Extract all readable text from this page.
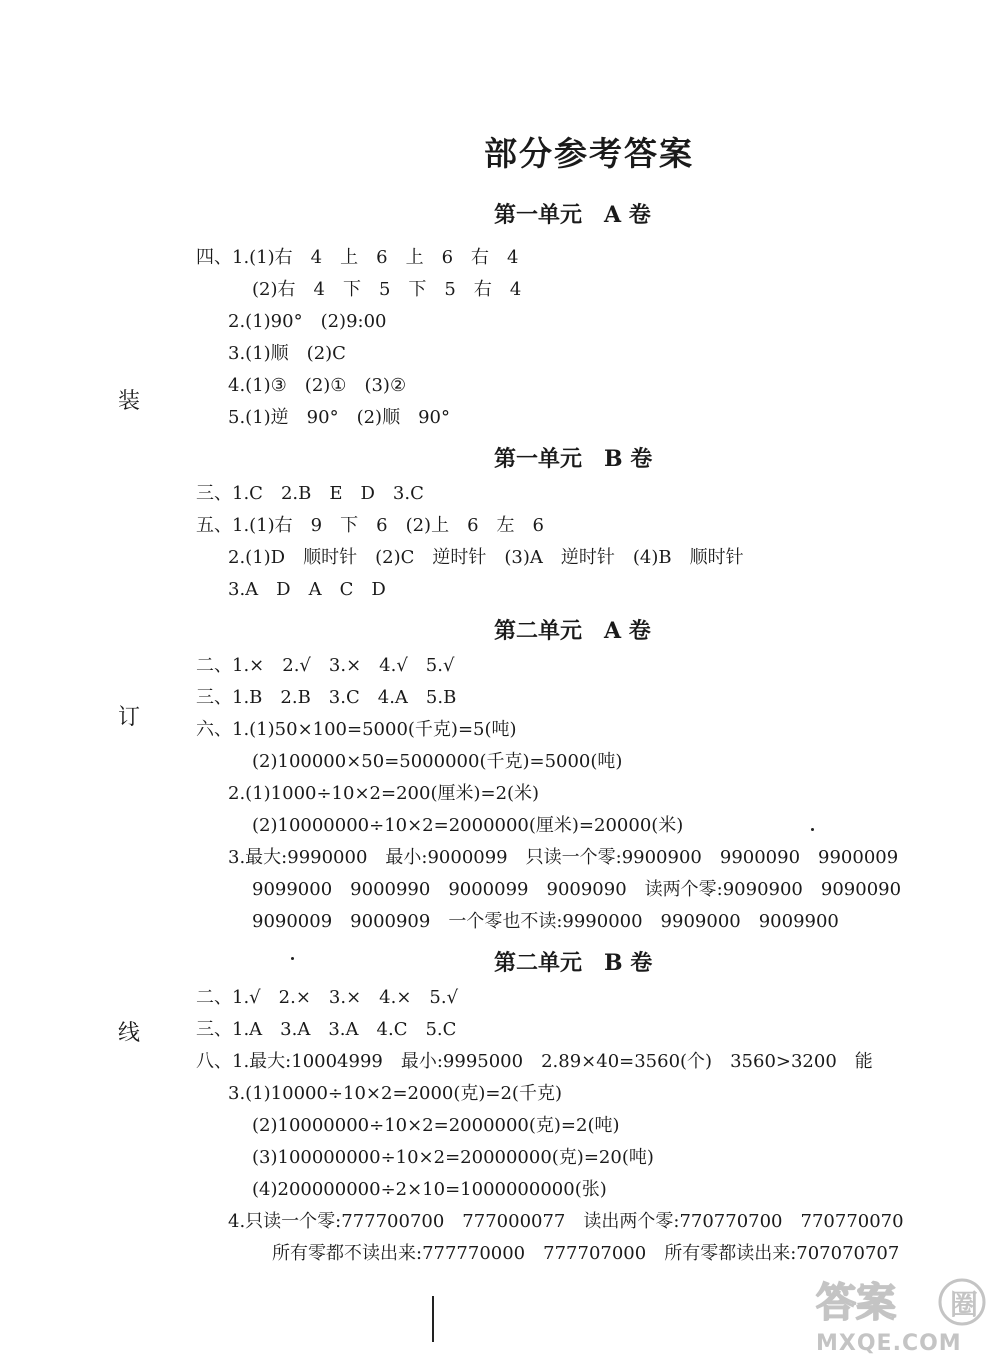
装
订
线
部分参考答案
第一单元　A 卷
四、1.(1)右　4　上　6　上　6　右　4
(2)右　4　下　5　下　5　右　4
2.(1)90°　(2)9:00
3.(1)顺　(2)C
4.(1)③　(2)①　(3)②
5.(1)逆　90°　(2)顺　90°
第一单元　B 卷
三、1.C　2.B　E　D　3.C
五、1.(1)右　9　下　6　(2)上　6　左　6
2.(1)D　顺时针　(2)C　逆时针　(3)A　逆时针　(4)B　顺时针
3.A　D　A　C　D
第二单元　A 卷
二、1.×　2.√　3.×　4.√　5.√
三、1.B　2.B　3.C　4.A　5.B
六、1.(1)50×100=5000(千克)=5(吨)
(2)100000×50=5000000(千克)=5000(吨)
2.(1)1000÷10×2=200(厘米)=2(米)
(2)10000000÷10×2=2000000(厘米)=20000(米)
3.最大:9990000　最小:9000099　只读一个零:9900900　9900090　9900009
9099000　9000990　9000099　9009090　读两个零:9090900　9090090
9090009　9000909　一个零也不读:9990000　9909000　9009900
第二单元　B 卷
二、1.√　2.×　3.×　4.×　5.√
三、1.A　3.A　3.A　4.C　5.C
八、1.最大:10004999　最小:9995000　2.89×40=3560(个)　3560>3200　能
3.(1)10000÷10×2=2000(克)=2(千克)
(2)10000000÷10×2=2000000(克)=2(吨)
(3)100000000÷10×2=20000000(克)=20(吨)
(4)200000000÷2×10=1000000000(张)
4.只读一个零:777700700　777000077　读出两个零:770770700　770770070
所有零都不读出来:777770000　777707000　所有零都读出来:707070707
答案 圈
MXQE.COM
